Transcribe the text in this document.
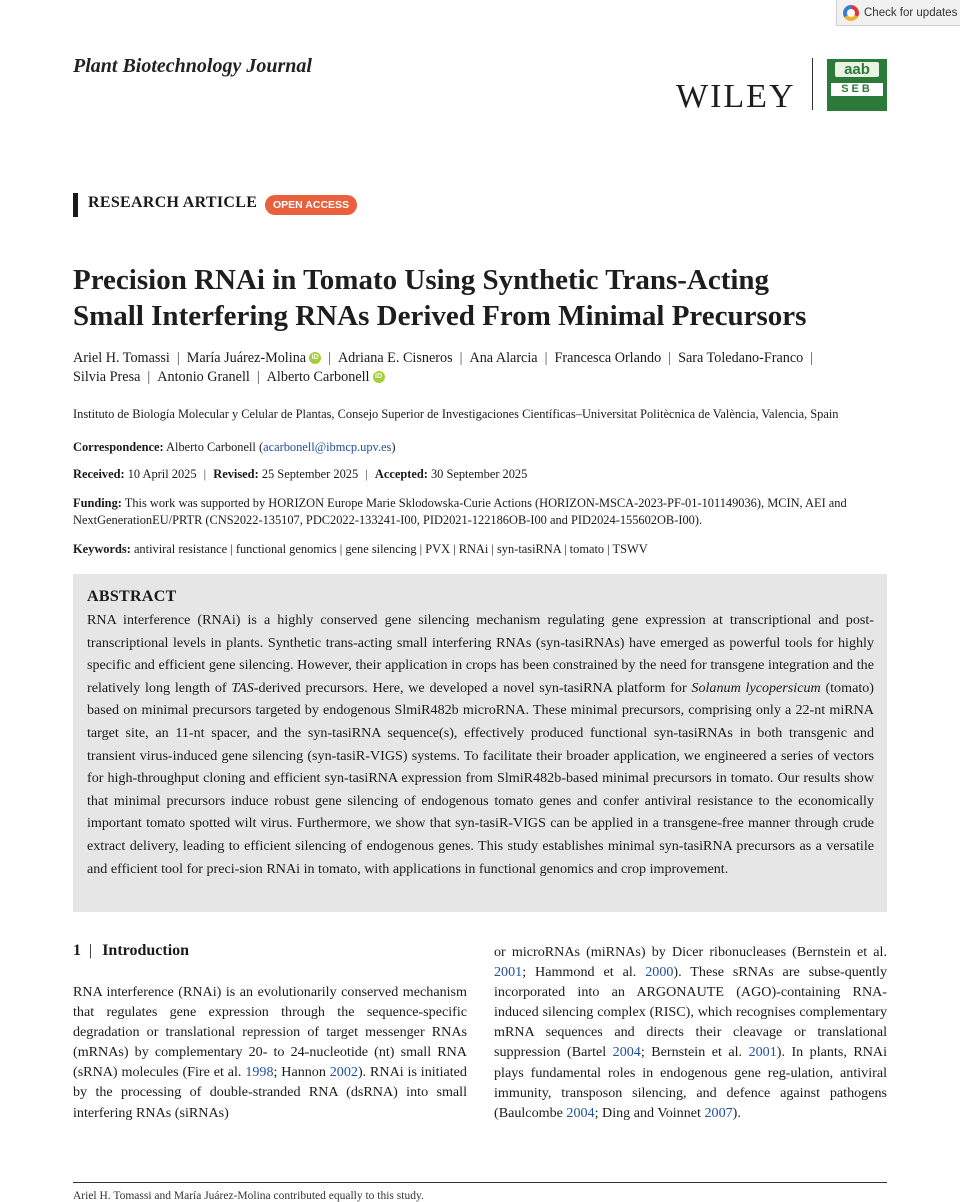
Check for updates
Plant Biotechnology Journal
WILEY
aab
SEB
RESEARCH ARTICLE	OPEN ACCESS
Precision RNAi in Tomato Using Synthetic Trans-Acting
Small Interfering RNAs Derived From Minimal Precursors
Ariel H. Tomassi | María Juárez-Molina iD | Adriana E. Cisneros | Ana Alarcia | Francesca Orlando | Sara Toledano-Franco |
Silvia Presa | Antonio Granell | Alberto Carbonell iD
Instituto de Biología Molecular y Celular de Plantas, Consejo Superior de Investigaciones Científicas–Universitat Politècnica de València, Valencia, Spain
Correspondence: Alberto Carbonell (acarbonell@ibmcp.upv.es)
Received: 10 April 2025 | Revised: 25 September 2025 | Accepted: 30 September 2025
Funding: This work was supported by HORIZON Europe Marie Sklodowska-Curie Actions (HORIZON-MSCA-2023-PF-01-101149036), MCIN, AEI and
NextGenerationEU/PRTR (CNS2022-135107, PDC2022-133241-I00, PID2021-122186OB-I00 and PID2024-155602OB-I00).
Keywords: antiviral resistance | functional genomics | gene silencing | PVX | RNAi | syn-tasiRNA | tomato | TSWV
ABSTRACT

RNA interference (RNAi) is a highly conserved gene silencing mechanism regulating gene expression at transcriptional and post-transcriptional levels in plants. Synthetic trans-acting small interfering RNAs (syn-tasiRNAs) have emerged as powerful tools for highly specific and efficient gene silencing. However, their application in crops has been constrained by the need for transgene integration and the relatively long length of TAS-derived precursors. Here, we developed a novel syn-tasiRNA platform for Solanum lycopersicum (tomato) based on minimal precursors targeted by endogenous SlmiR482b microRNA. These minimal precursors, comprising only a 22-nt miRNA target site, an 11-nt spacer, and the syn-tasiRNA sequence(s), effectively produced functional syn-tasiRNAs in both transgenic and transient virus-induced gene silencing (syn-tasiR-VIGS) systems. To facilitate their broader application, we engineered a series of vectors for high-throughput cloning and efficient syn-tasiRNA expression from SlmiR482b-based minimal precursors in tomato. Our results show that minimal precursors induce robust gene silencing of endogenous tomato genes and confer antiviral resistance to the economically important tomato spotted wilt virus. Furthermore, we show that syn-tasiR-VIGS can be applied in a transgene-free manner through crude extract delivery, leading to efficient silencing of endogenous genes. This study establishes minimal syn-tasiRNA precursors as a versatile and efficient tool for preci-sion RNAi in tomato, with applications in functional genomics and crop improvement.

1 | Introduction

RNA interference (RNAi) is an evolutionarily conserved mechanism that regulates gene expression through the sequence-specific degradation or translational repression of target messenger RNAs (mRNAs) by complementary 20- to 24-nucleotide (nt) small RNA (sRNA) molecules (Fire et al. 1998; Hannon 2002). RNAi is initiated by the processing of double-stranded RNA (dsRNA) into small interfering RNAs (siRNAs)

or microRNAs (miRNAs) by Dicer ribonucleases (Bernstein et al. 2001; Hammond et al. 2000). These sRNAs are subse-quently incorporated into an ARGONAUTE (AGO)-containing RNA-induced silencing complex (RISC), which recognises complementary mRNA sequences and directs their cleavage or translational suppression (Bartel 2004; Bernstein et al. 2001). In plants, RNAi plays fundamental roles in endogenous gene reg-ulation, antiviral immunity, transposon silencing, and defence against pathogens (Baulcombe 2004; Ding and Voinnet 2007).

Ariel H. Tomassi and María Juárez-Molina contributed equally to this study.
